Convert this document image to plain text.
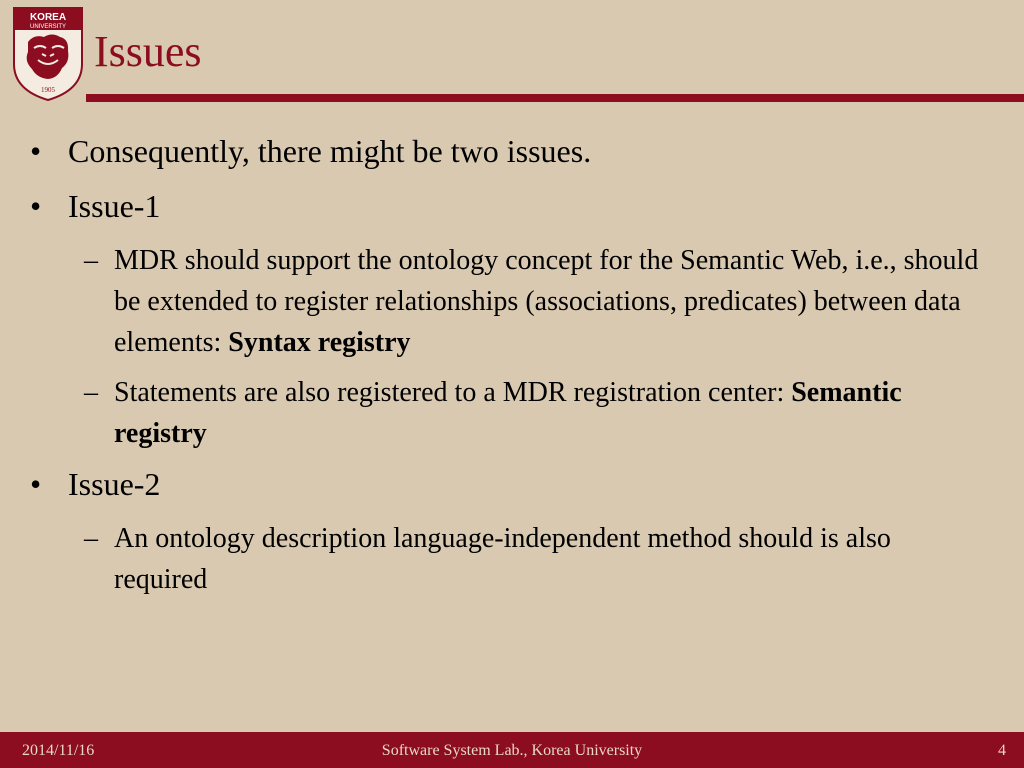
KOREA
UNIVERSITY
1905
Issues
• Consequently, there might be two issues.
• Issue-1
– MDR should support the ontology concept for the Semantic Web, i.e., should be extended to register relationships (associations, predicates) between data elements: Syntax registry
– Statements are also registered to a MDR registration center: Semantic registry
• Issue-2
– An ontology description language-independent method should is also required
2014/11/16	Software System Lab., Korea University	4
